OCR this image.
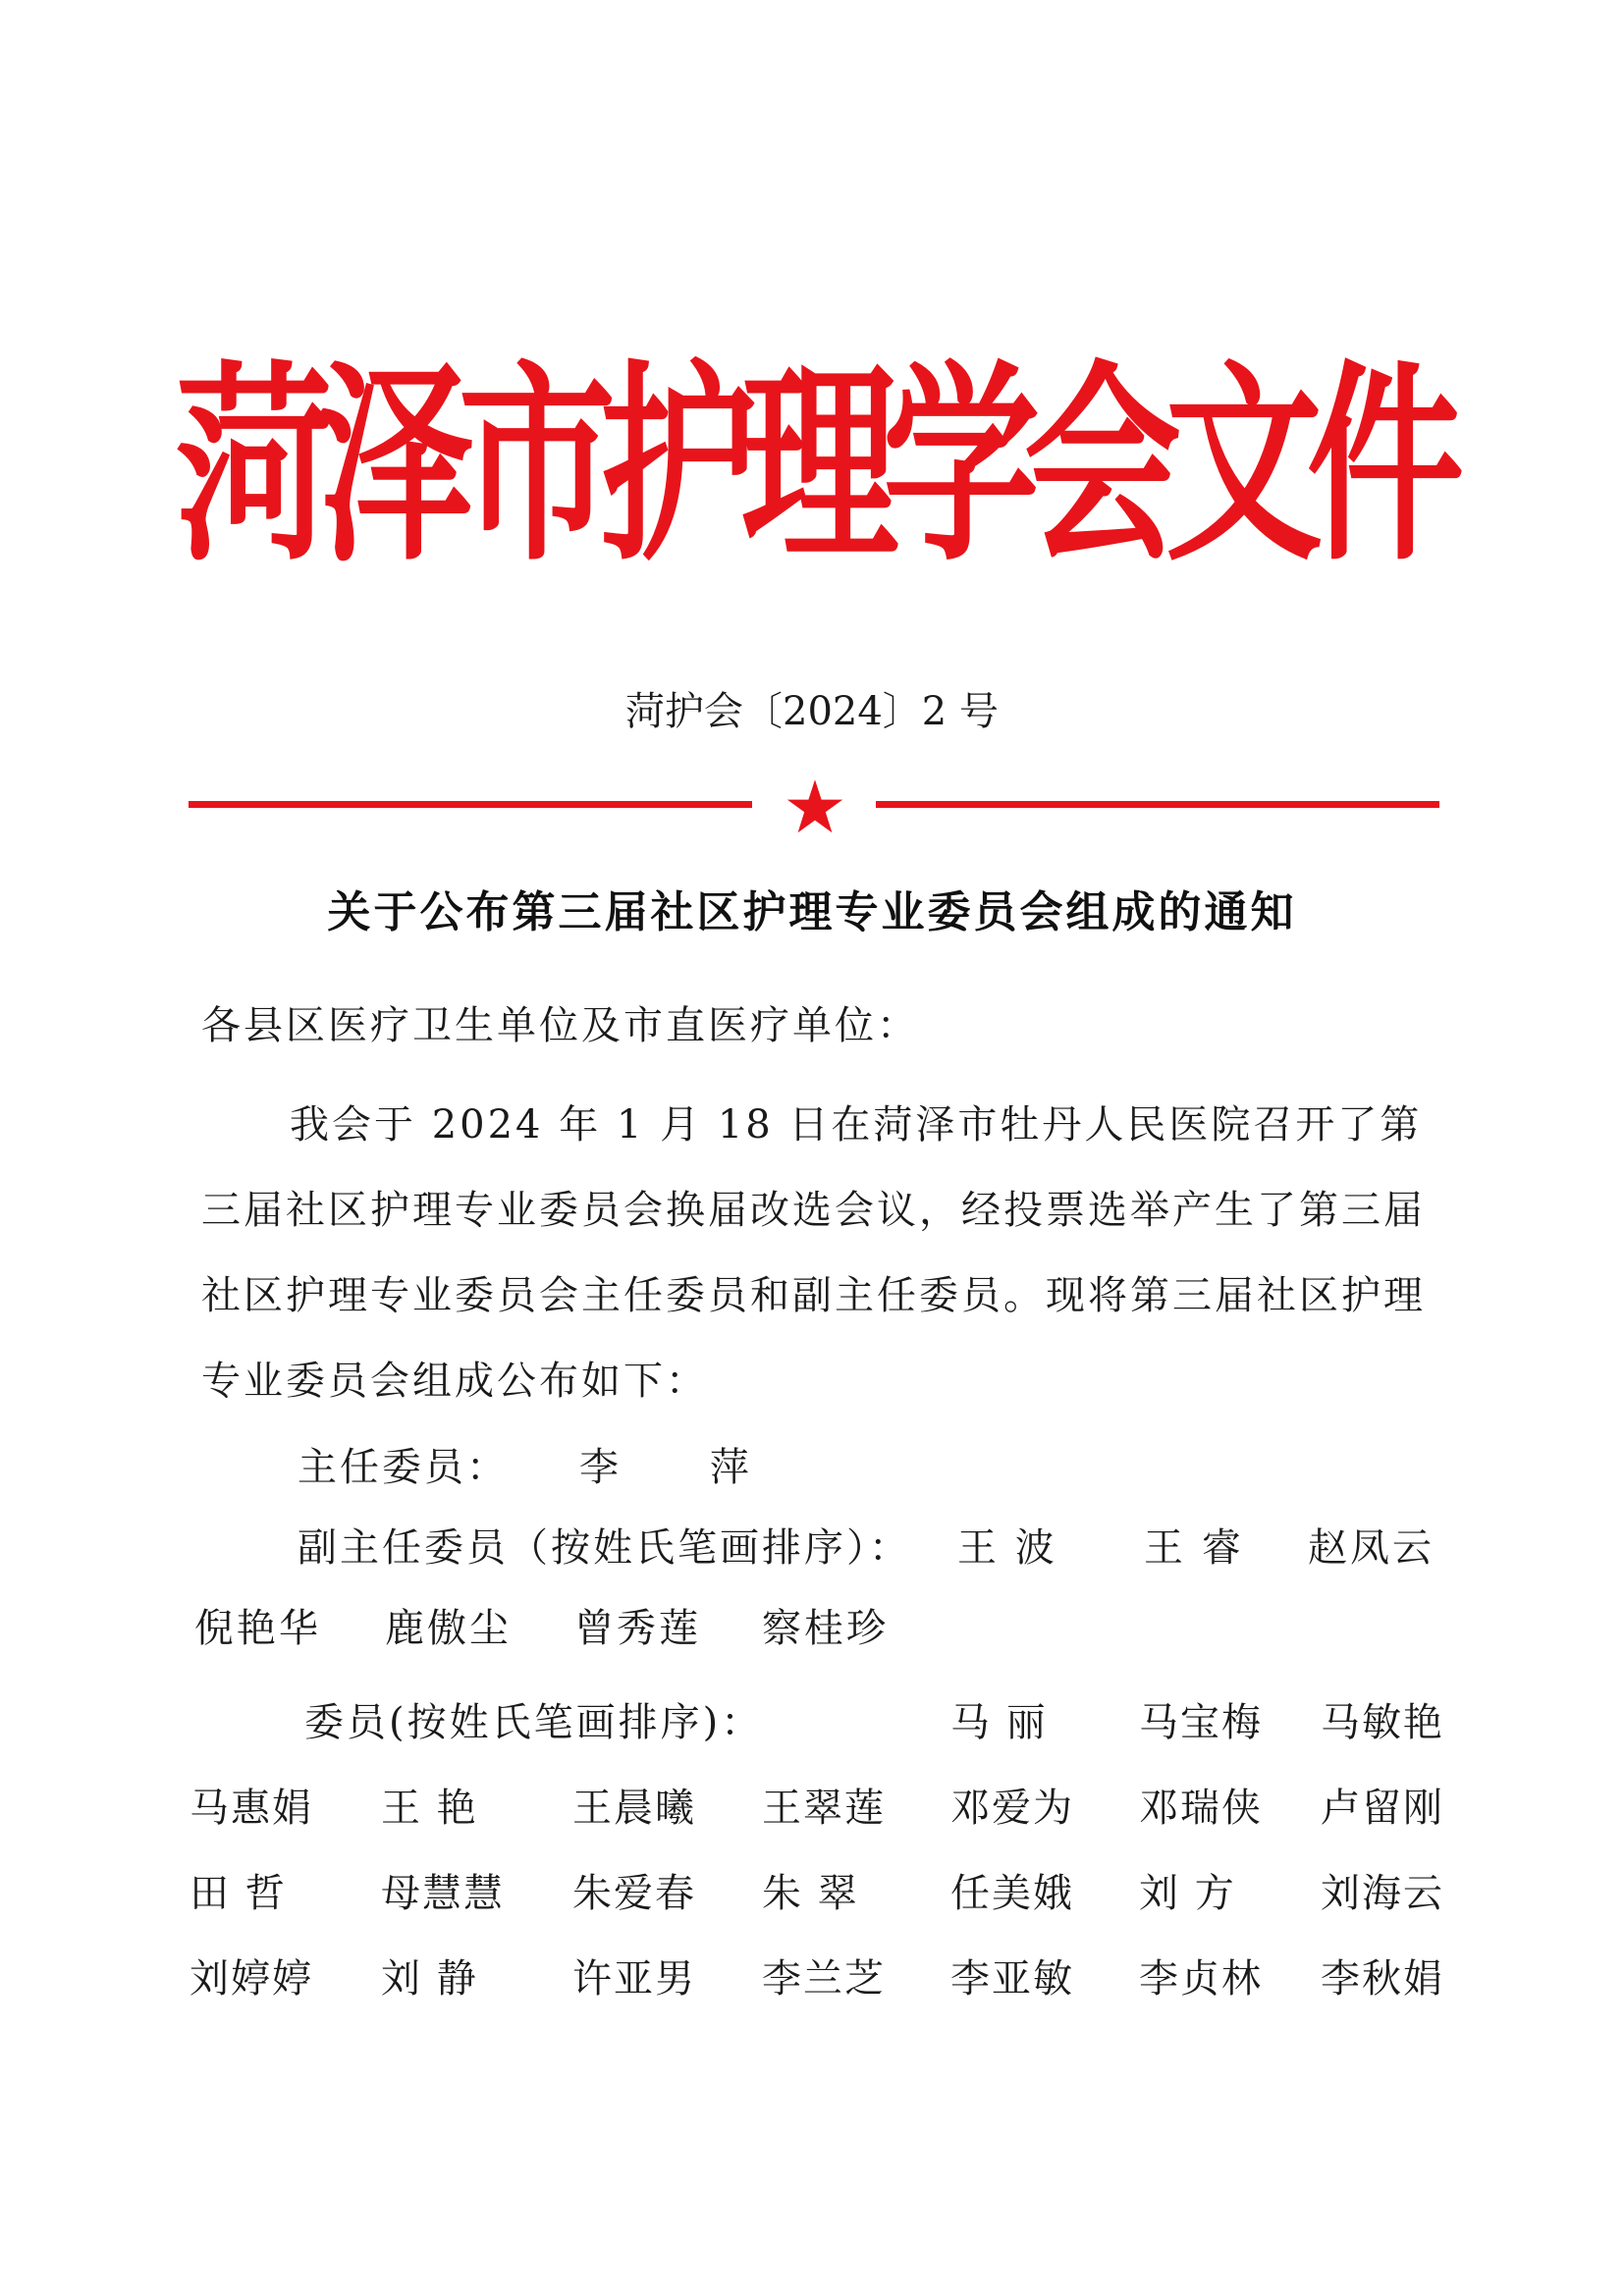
菏泽市护理学会文件
菏护会〔2024〕2 号
关于公布第三届社区护理专业委员会组成的通知
各县区医疗卫生单位及市直医疗单位：
我会于 2024 年 1 月 18 日在菏泽市牡丹人民医院召开了第
三届社区护理专业委员会换届改选会议，经投票选举产生了第三届
社区护理专业委员会主任委员和副主任委员。现将第三届社区护理
专业委员会组成公布如下：
主任委员： 李 萍
副主任委员（按姓氏笔画排序）： 王 波 王 睿 赵凤云
倪艳华 鹿傲尘 曾秀莲 察桂珍
委员(按姓氏笔画排序)：	马 丽 马宝梅 马敏艳
马惠娟 王 艳 王晨曦 王翠莲 邓爱为 邓瑞侠 卢留刚
田 哲 母慧慧 朱爱春 朱 翠 任美娥 刘 方 刘海云
刘婷婷 刘 静 许亚男 李兰芝 李亚敏 李贞林 李秋娟
